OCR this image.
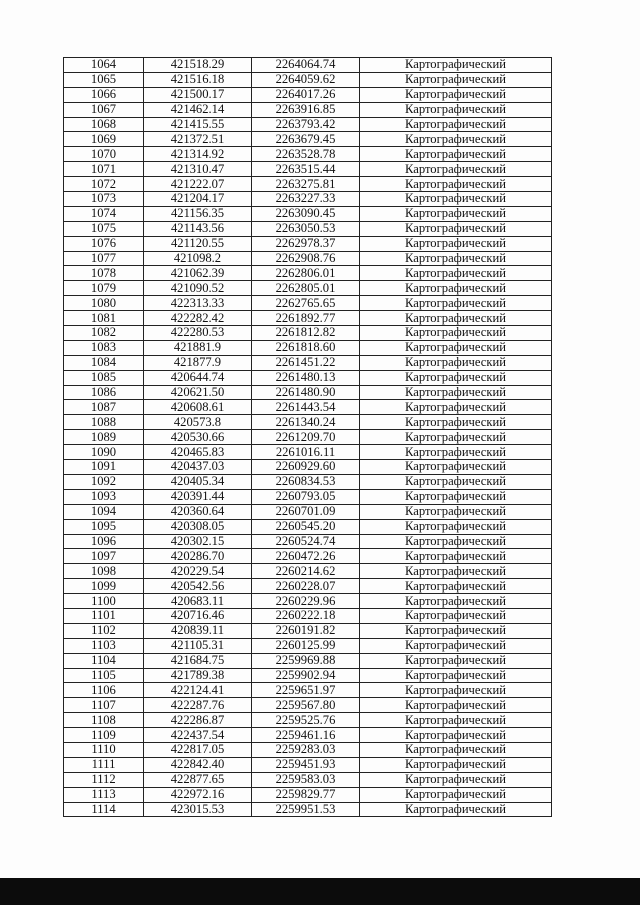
1064	421518.29	2264064.74	Картографический
1065	421516.18	2264059.62	Картографический
1066	421500.17	2264017.26	Картографический
1067	421462.14	2263916.85	Картографический
1068	421415.55	2263793.42	Картографический
1069	421372.51	2263679.45	Картографический
1070	421314.92	2263528.78	Картографический
1071	421310.47	2263515.44	Картографический
1072	421222.07	2263275.81	Картографический
1073	421204.17	2263227.33	Картографический
1074	421156.35	2263090.45	Картографический
1075	421143.56	2263050.53	Картографический
1076	421120.55	2262978.37	Картографический
1077	421098.2	2262908.76	Картографический
1078	421062.39	2262806.01	Картографический
1079	421090.52	2262805.01	Картографический
1080	422313.33	2262765.65	Картографический
1081	422282.42	2261892.77	Картографический
1082	422280.53	2261812.82	Картографический
1083	421881.9	2261818.60	Картографический
1084	421877.9	2261451.22	Картографический
1085	420644.74	2261480.13	Картографический
1086	420621.50	2261480.90	Картографический
1087	420608.61	2261443.54	Картографический
1088	420573.8	2261340.24	Картографический
1089	420530.66	2261209.70	Картографический
1090	420465.83	2261016.11	Картографический
1091	420437.03	2260929.60	Картографический
1092	420405.34	2260834.53	Картографический
1093	420391.44	2260793.05	Картографический
1094	420360.64	2260701.09	Картографический
1095	420308.05	2260545.20	Картографический
1096	420302.15	2260524.74	Картографический
1097	420286.70	2260472.26	Картографический
1098	420229.54	2260214.62	Картографический
1099	420542.56	2260228.07	Картографический
1100	420683.11	2260229.96	Картографический
1101	420716.46	2260222.18	Картографический
1102	420839.11	2260191.82	Картографический
1103	421105.31	2260125.99	Картографический
1104	421684.75	2259969.88	Картографический
1105	421789.38	2259902.94	Картографический
1106	422124.41	2259651.97	Картографический
1107	422287.76	2259567.80	Картографический
1108	422286.87	2259525.76	Картографический
1109	422437.54	2259461.16	Картографический
1110	422817.05	2259283.03	Картографический
1111	422842.40	2259451.93	Картографический
1112	422877.65	2259583.03	Картографический
1113	422972.16	2259829.77	Картографический
1114	423015.53	2259951.53	Картографический
